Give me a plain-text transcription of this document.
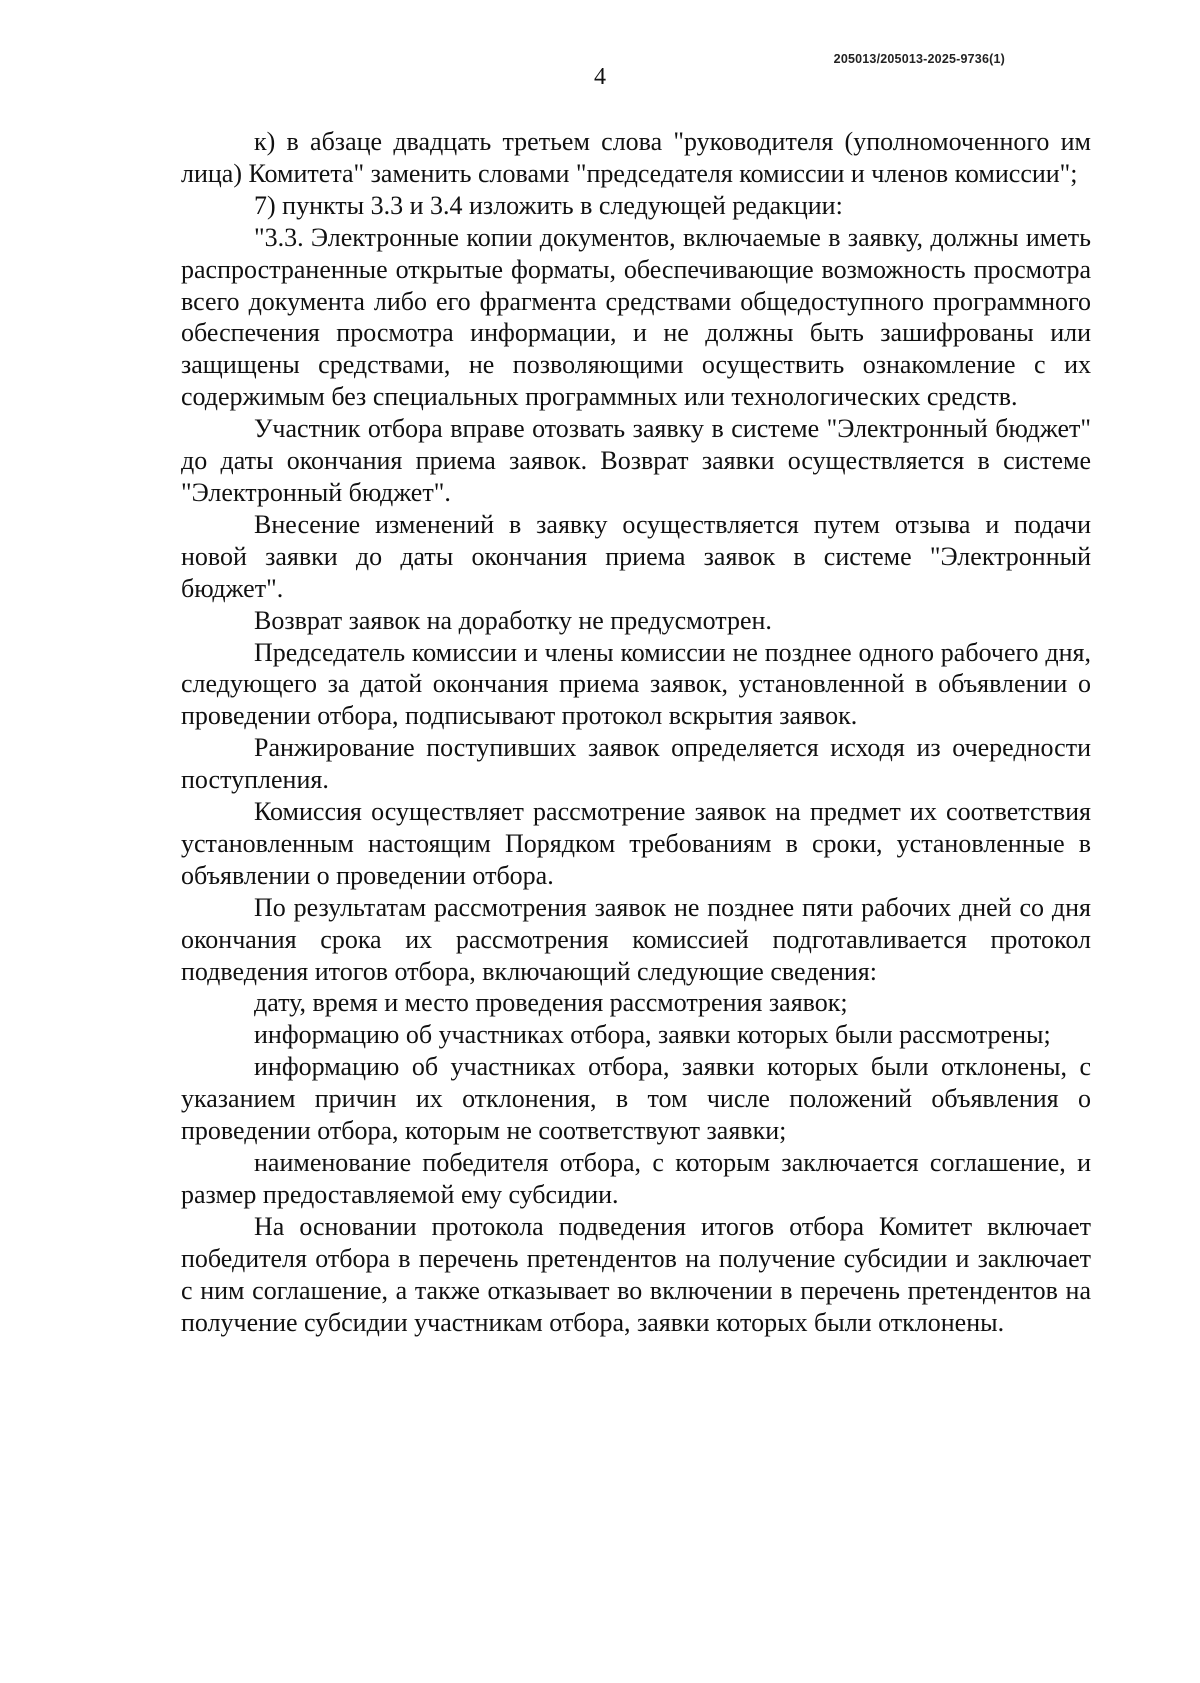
205013/205013-2025-9736(1)
4

к) в абзаце двадцать третьем слова "руководителя (уполномоченного им лица) Комитета" заменить словами "председателя комиссии и членов комиссии";

7) пункты 3.3 и 3.4 изложить в следующей редакции:

"3.3. Электронные копии документов, включаемые в заявку, должны иметь распространенные открытые форматы, обеспечивающие возможность просмотра всего документа либо его фрагмента средствами общедоступного программного обеспечения просмотра информации, и не должны быть зашифрованы или защищены средствами, не позволяющими осуществить ознакомление с их содержимым без специальных программных или технологических средств.

Участник отбора вправе отозвать заявку в системе "Электронный бюджет" до даты окончания приема заявок. Возврат заявки осуществляется в системе "Электронный бюджет".

Внесение изменений в заявку осуществляется путем отзыва и подачи новой заявки до даты окончания приема заявок в системе "Электронный бюджет".

Возврат заявок на доработку не предусмотрен.

Председатель комиссии и члены комиссии не позднее одного рабочего дня, следующего за датой окончания приема заявок, установленной в объявлении о проведении отбора, подписывают протокол вскрытия заявок.

Ранжирование поступивших заявок определяется исходя из очередности поступления.

Комиссия осуществляет рассмотрение заявок на предмет их соответствия установленным настоящим Порядком требованиям в сроки, установленные в объявлении о проведении отбора.

По результатам рассмотрения заявок не позднее пяти рабочих дней со дня окончания срока их рассмотрения комиссией подготавливается протокол подведения итогов отбора, включающий следующие сведения:

дату, время и место проведения рассмотрения заявок;

информацию об участниках отбора, заявки которых были рассмотрены;

информацию об участниках отбора, заявки которых были отклонены, с указанием причин их отклонения, в том числе положений объявления о проведении отбора, которым не соответствуют заявки;

наименование победителя отбора, с которым заключается соглашение, и размер предоставляемой ему субсидии.

На основании протокола подведения итогов отбора Комитет включает победителя отбора в перечень претендентов на получение субсидии и заключает с ним соглашение, а также отказывает во включении в перечень претендентов на получение субсидии участникам отбора, заявки которых были отклонены.
